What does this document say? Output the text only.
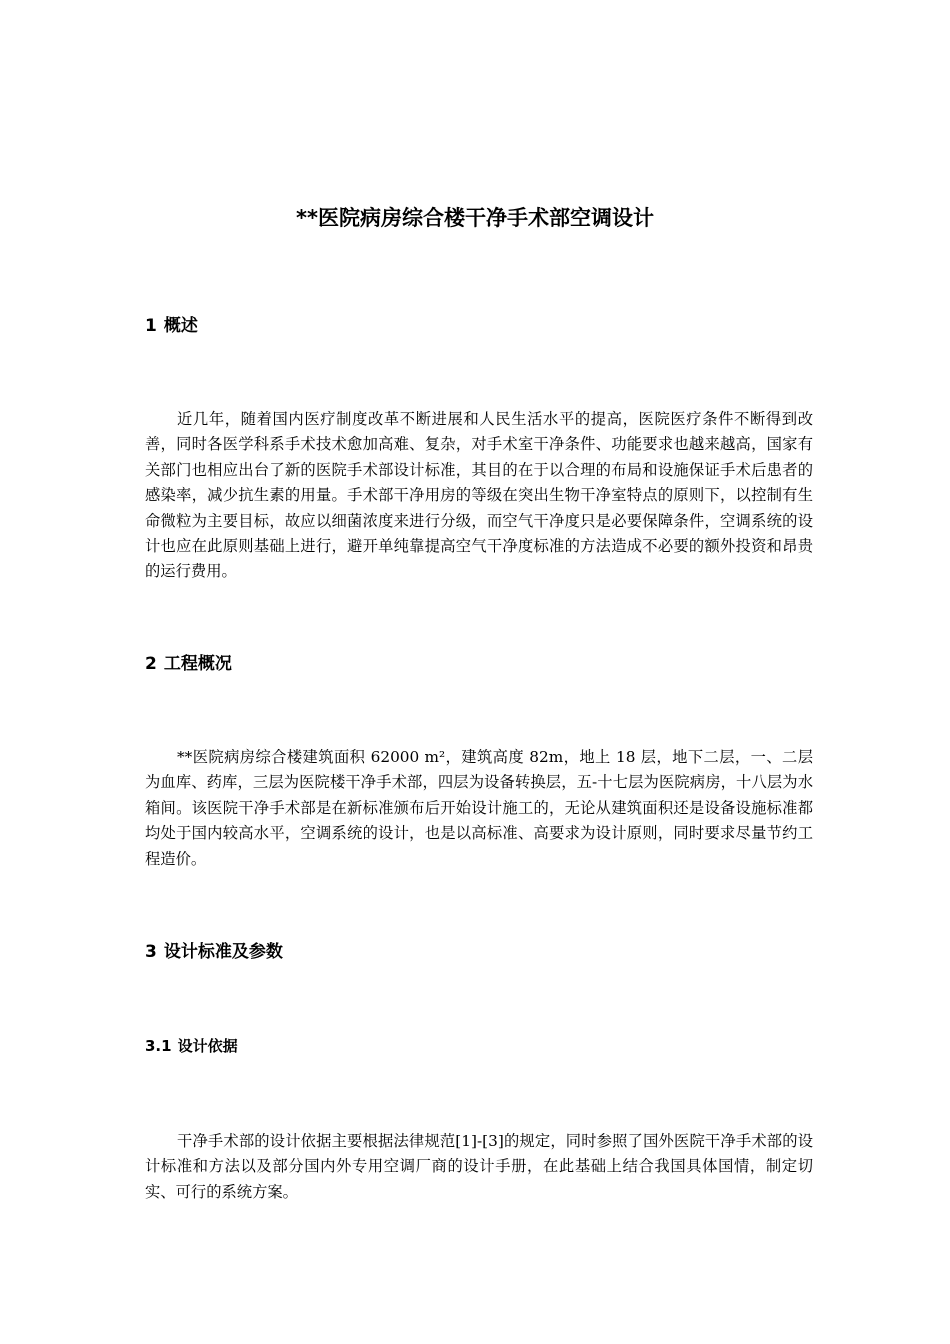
**医院病房综合楼干净手术部空调设计
1 概述

近几年，随着国内医疗制度改革不断进展和人民生活水平的提高，医院医疗条件不断得到改善，同时各医学科系手术技术愈加高难、复杂，对手术室干净条件、功能要求也越来越高，国家有关部门也相应出台了新的医院手术部设计标准，其目的在于以合理的布局和设施保证手术后患者的感染率，减少抗生素的用量。手术部干净用房的等级在突出生物干净室特点的原则下，以控制有生命微粒为主要目标，故应以细菌浓度来进行分级，而空气干净度只是必要保障条件，空调系统的设计也应在此原则基础上进行，避开单纯靠提高空气干净度标准的方法造成不必要的额外投资和昂贵的运行费用。

2 工程概况

**医院病房综合楼建筑面积 62000 m²，建筑高度 82m，地上 18 层，地下二层，一、二层为血库、药库，三层为医院楼干净手术部，四层为设备转换层，五-十七层为医院病房，十八层为水箱间。该医院干净手术部是在新标准颁布后开始设计施工的，无论从建筑面积还是设备设施标准都均处于国内较高水平，空调系统的设计，也是以高标准、高要求为设计原则，同时要求尽量节约工程造价。

3 设计标准及参数
3.1 设计依据

干净手术部的设计依据主要根据法律规范[1]-[3]的规定，同时参照了国外医院干净手术部的设计标准和方法以及部分国内外专用空调厂商的设计手册，在此基础上结合我国具体国情，制定切实、可行的系统方案。
